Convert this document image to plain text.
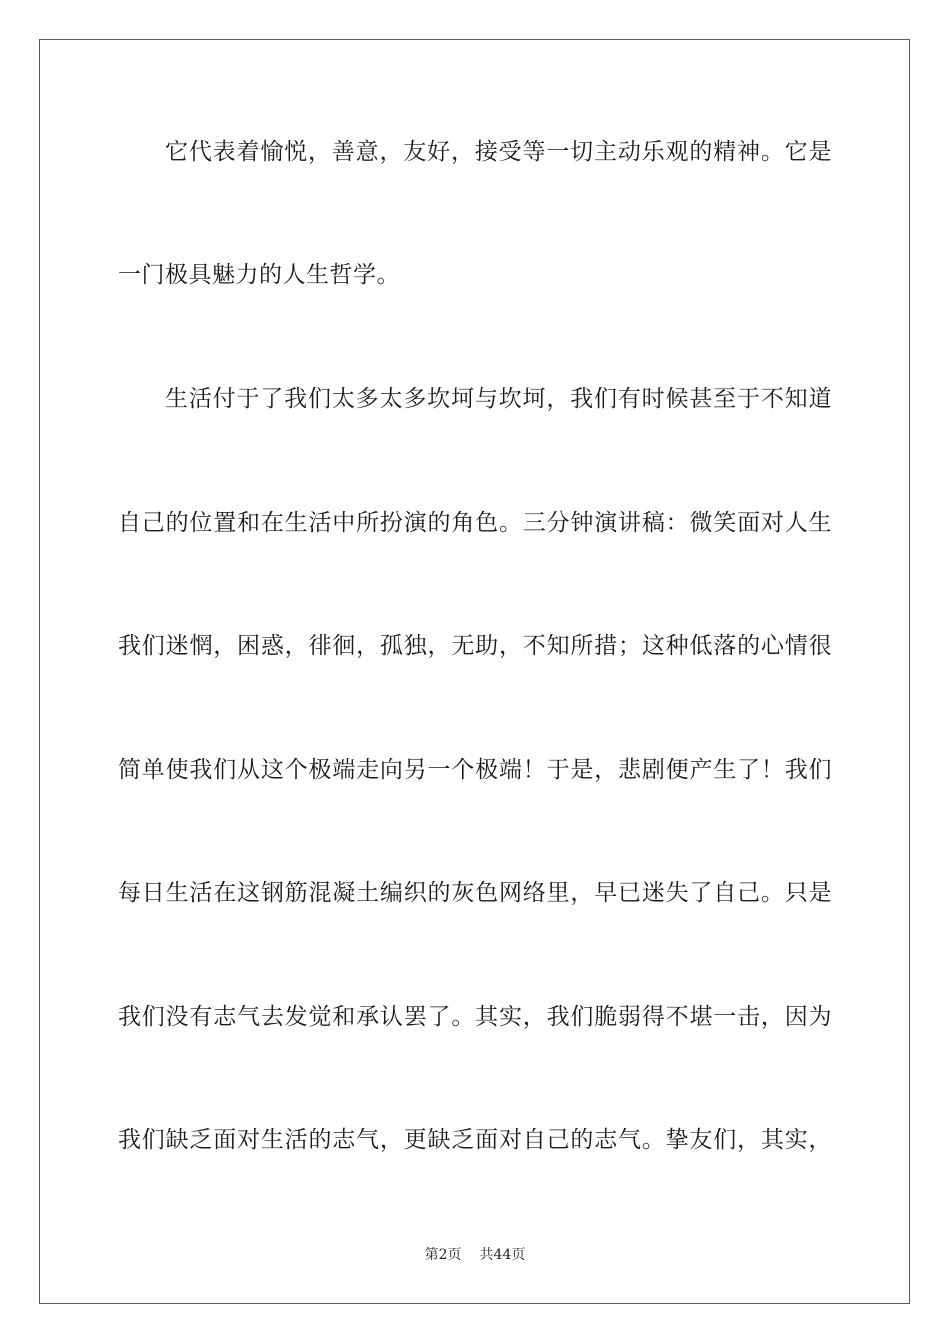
它代表着愉悦，善意，友好，接受等一切主动乐观的精神。它是
一门极具魅力的人生哲学。
生活付于了我们太多太多坎坷与坎坷，我们有时候甚至于不知道
自己的位置和在生活中所扮演的角色。三分钟演讲稿：微笑面对人生
我们迷惘，困惑，徘徊，孤独，无助，不知所措；这种低落的心情很
简单使我们从这个极端走向另一个极端！于是，悲剧便产生了！我们
每日生活在这钢筋混凝土编织的灰色网络里，早已迷失了自己。只是
我们没有志气去发觉和承认罢了。其实，我们脆弱得不堪一击，因为
我们缺乏面对生活的志气，更缺乏面对自己的志气。挚友们，其实，
第2页 共44页
